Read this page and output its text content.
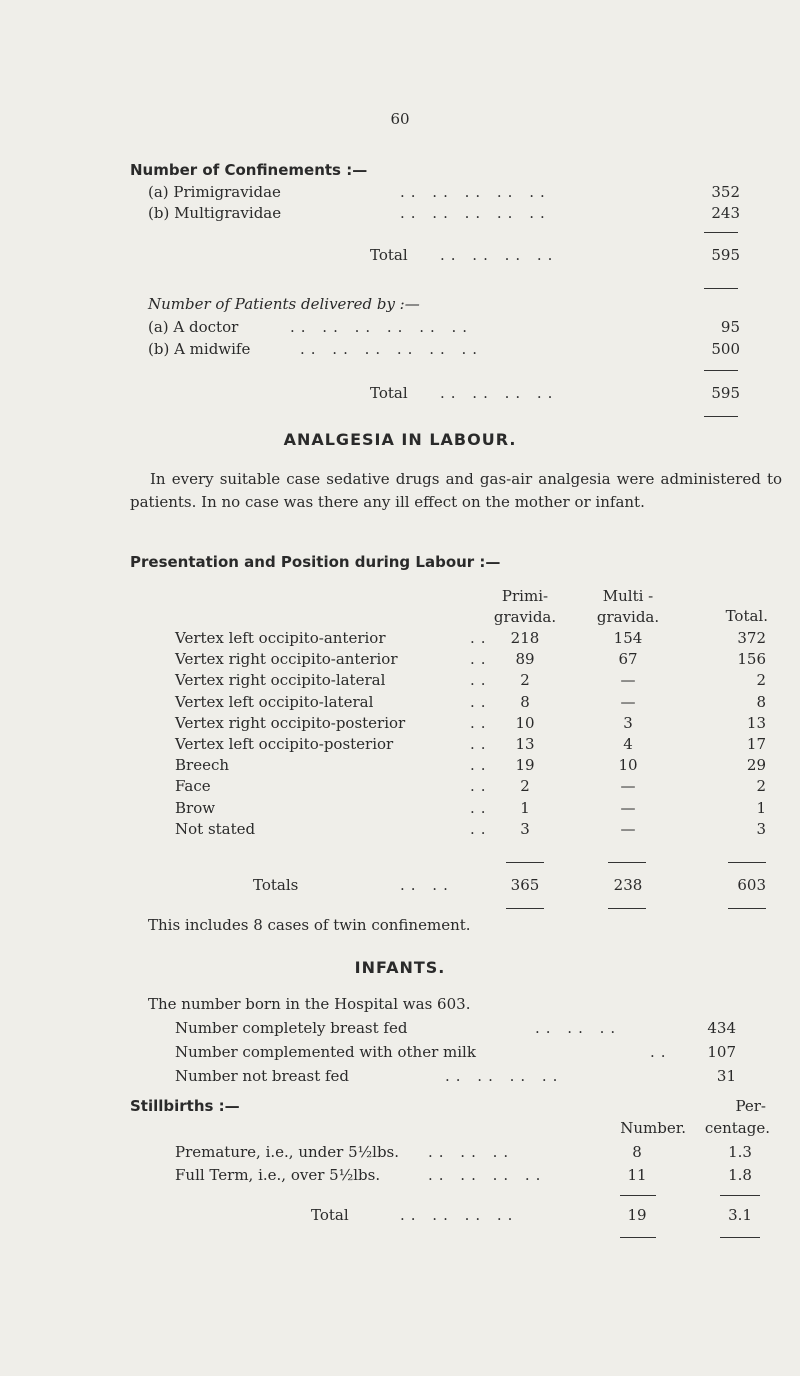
60
Number of Confinements :—
(a) Primigravidae	.. .. .. .. ..	352
(b) Multigravidae	.. .. .. .. ..	243
Total .. .. .. ..	595
Number of Patients delivered by :—
(a) A doctor	.. .. .. .. .. ..	95
(b) A midwife	.. .. .. .. .. ..	500
Total .. .. .. ..	595
ANALGESIA IN LABOUR.
In every suitable case sedative drugs and gas-air analgesia were administered to patients. In no case was there any ill effect on the mother or infant.
Presentation and Position during Labour :—
Primi-
gravida.
Multi -
gravida.	Total.
Vertex left occipito-anterior	..	218	154	372
Vertex right occipito-anterior	..	89	67	156
Vertex right occipito-lateral	..	2	—	2
Vertex left occipito-lateral	..	8	—	8
Vertex right occipito-posterior	..	10	3	13
Vertex left occipito-posterior	..	13	4	17
Breech	..	19	10	29
Face	..	2	—	2
Brow	..	1	—	1
Not stated	..	3	—	3
Totals	.. ..	365	238	603
This includes 8 cases of twin confinement.
INFANTS.
The number born in the Hospital was 603.
Number completely breast fed	.. .. ..	434
Number complemented with other milk	..	107
Number not breast fed	.. .. .. ..	31
Stillbirths :—	Per-
Number.	centage.
Premature, i.e., under 5½lbs. .. .. ..	8	1.3
Full Term, i.e., over 5½lbs.	.. .. .. ..	11	1.8
Total	.. .. .. ..	19	3.1
